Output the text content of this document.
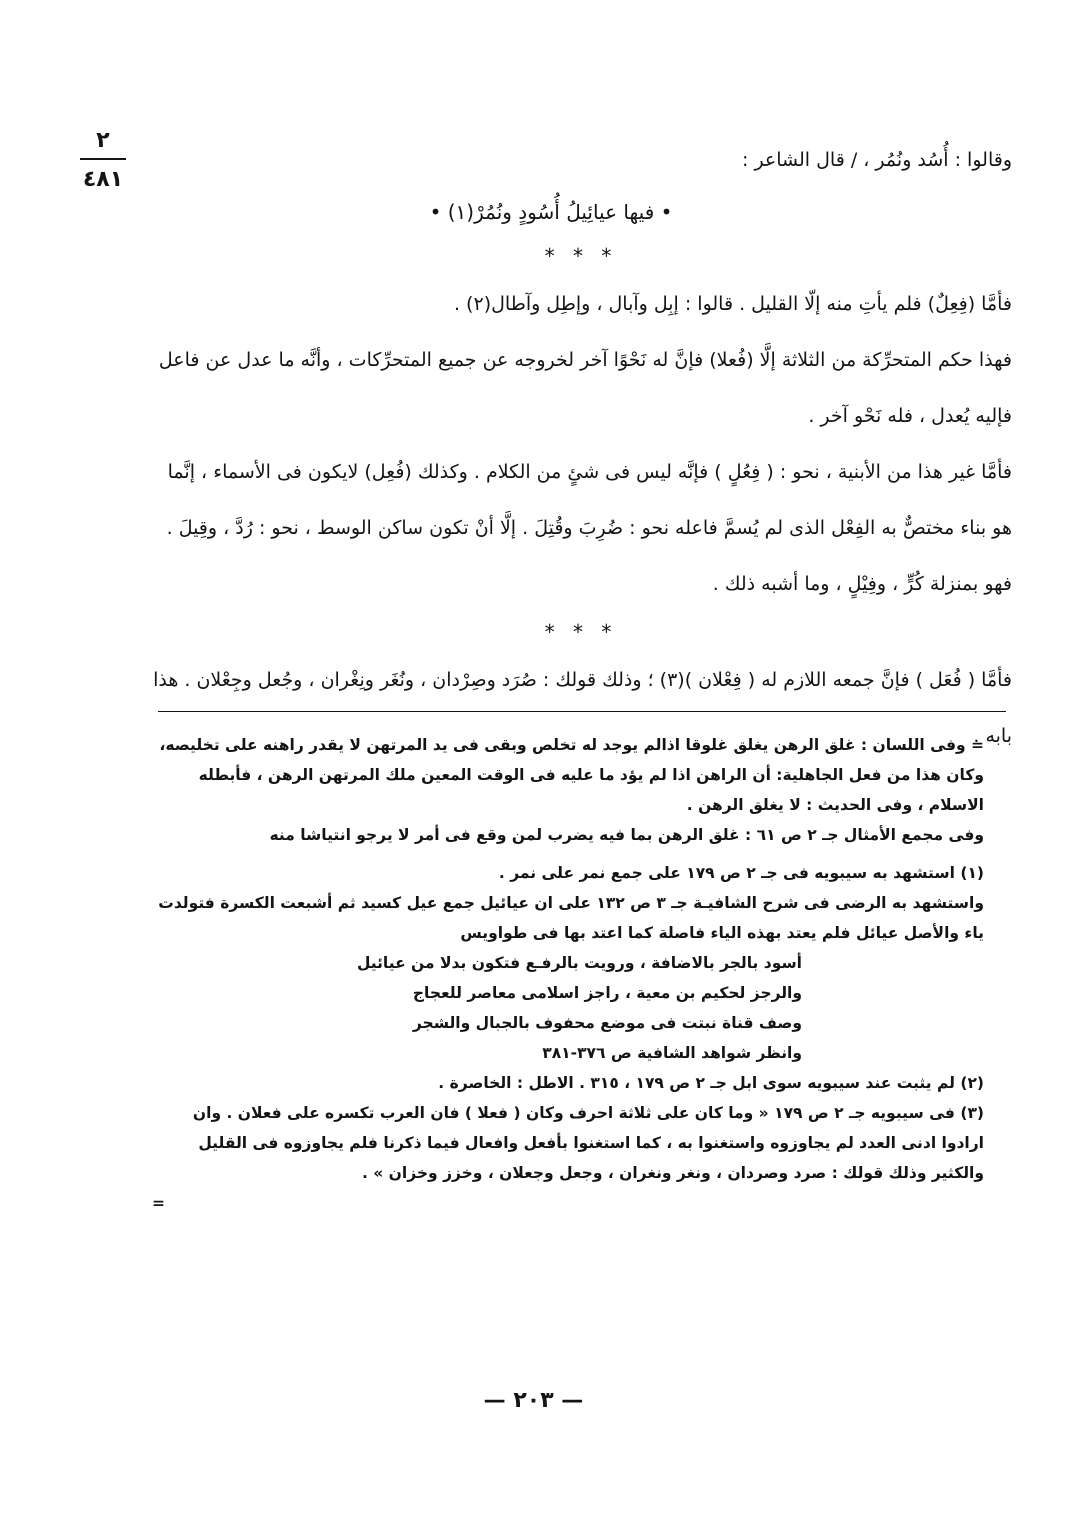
٢
٤٨١

وقالوا : أُسُد ونُمُر ، / قال الشاعر :

• فيها عيائِيلُ أُسُودٍ ونُمُرْ(١) •

* * *

فأمَّا (فِعِلٌ) فلم يأتِ منه إلّا القليل . قالوا : إبِل وآبال ، وإطِل وآطال(٢) .

فهذا حكم المتحرِّكة من الثلاثة إلَّا (فُعلا) فإنَّ له نَحْوًا آخر لخروجه عن جميع المتحرِّكات ، وأنَّه ما عدل عن فاعل فإليه يُعدل ، فله نَحْو آخر .

فأمَّا غير هذا من الأبنية ، نحو : ( فِعُلٍ ) فإنَّه ليس فى شئٍ من الكلام . وكذلك (فُعِل) لايكون فى الأسماء ، إنَّما هو بناء مختصٌّ به الفِعْل الذى لم يُسمَّ فاعله نحو : ضُرِبَ وقُتِلَ . إلَّا أنْ تكون ساكن الوسط ، نحو : رُدَّ ، وقِيلَ . فهو بمنزلة كُرٍّ ، وفِيْلٍ ، وما أشبه ذلك .

* * *

فأمَّا ( فُعَل ) فإنَّ جمعه اللازم له ( فِعْلان )(٣) ؛ وذلك قولك : صُرَد وصِرْدان ، ونُغَر ونِغْران ، وجُعل وجِعْلان . هذا بابه .

= وفى اللسان : غلق الرهن يغلق غلوقا اذالم يوجد له تخلص وبقى فى يد المرتهن لا يقدر راهنه على تخليصه، وكان هذا من فعل الجاهلية: أن الراهن اذا لم يؤد ما عليه فى الوقت المعين ملك المرتهن الرهن ، فأبطله الاسلام ، وفى الحديث : لا يغلق الرهن .

وفى مجمع الأمثال جـ ٢ ص ٦١ : غلق الرهن بما فيه يضرب لمن وقع فى أمر لا يرجو انتياشا منه

(١) استشهد به سيبويه فى جـ ٢ ص ١٧٩ على جمع نمر على نمر .

واستشهد به الرضى فى شرح الشافيـة جـ ٣ ص ١٣٢ على ان عيائيل جمع عيل كسيد ثم أشبعت الكسرة فتولدت ياء والأصل عيائل فلم يعتد بهذه الياء فاصلة كما اعتد بها فى طواويس

أسود بالجر بالاضافة ، ورويت بالرفـع فتكون بدلا من عيائيل

والرجز لحكيم بن معية ، راجز اسلامى معاصر للعجاج

وصف قناة نبتت فى موضع محفوف بالجبال والشجر

وانظر شواهد الشافية ص ٣٧٦-٣٨١

(٢) لم يثبت عند سيبويه سوى ابل جـ ٢ ص ١٧٩ ، ٣١٥ . الاطل : الخاصرة .

(٣) فى سيبويه جـ ٢ ص ١٧٩ « وما كان على ثلاثة احرف وكان ( فعلا ) فان العرب تكسره على فعلان . وان ارادوا ادنى العدد لم يجاوزوه واستغنوا به ، كما استغنوا بأفعل وافعال فيما ذكرنا فلم يجاوزوه فى القليل والكثير وذلك قولك : صرد وصردان ، ونغر ونغران ، وجعل وجعلان ، وخزز وخزان » .

=

— ٢٠٣ —
